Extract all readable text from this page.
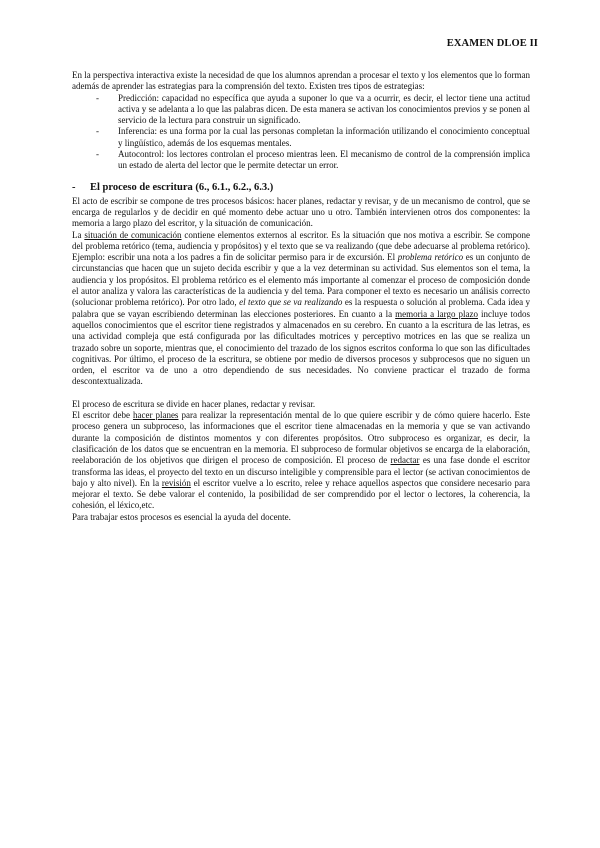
EXAMEN DLOE II

En la perspectiva interactiva existe la necesidad de que los alumnos aprendan a procesar el texto y los elementos que lo forman además de aprender las estrategias para la comprensión del texto. Existen tres tipos de estrategias:

- Predicción: capacidad no específica que ayuda a suponer lo que va a ocurrir, es decir, el lector tiene una actitud activa y se adelanta a lo que las palabras dicen. De esta manera se activan los conocimientos previos y se ponen al servicio de la lectura para construir un significado.
- Inferencia: es una forma por la cual las personas completan la información utilizando el conocimiento conceptual y lingüístico, además de los esquemas mentales.
- Autocontrol: los lectores controlan el proceso mientras leen. El mecanismo de control de la comprensión implica un estado de alerta del lector que le permite detectar un error.
- El proceso de escritura (6., 6.1., 6.2., 6.3.)

El acto de escribir se compone de tres procesos básicos: hacer planes, redactar y revisar, y de un mecanismo de control, que se encarga de regularlos y de decidir en qué momento debe actuar uno u otro. También intervienen otros dos componentes: la memoria a largo plazo del escritor, y la situación de comunicación.

La situación de comunicación contiene elementos externos al escritor. Es la situación que nos motiva a escribir. Se compone del problema retórico (tema, audiencia y propósitos) y el texto que se va realizando (que debe adecuarse al problema retórico). Ejemplo: escribir una nota a los padres a fin de solicitar permiso para ir de excursión. El problema retórico es un conjunto de circunstancias que hacen que un sujeto decida escribir y que a la vez determinan su actividad. Sus elementos son el tema, la audiencia y los propósitos. El problema retórico es el elemento más importante al comenzar el proceso de composición donde el autor analiza y valora las características de la audiencia y del tema. Para componer el texto es necesario un análisis correcto (solucionar problema retórico). Por otro lado, el texto que se va realizando es la respuesta o solución al problema. Cada idea y palabra que se vayan escribiendo determinan las elecciones posteriores. En cuanto a la memoria a largo plazo incluye todos aquellos conocimientos que el escritor tiene registrados y almacenados en su cerebro. En cuanto a la escritura de las letras, es una actividad compleja que está configurada por las dificultades motrices y perceptivo motrices en las que se realiza un trazado sobre un soporte, mientras que, el conocimiento del trazado de los signos escritos conforma lo que son las dificultades cognitivas. Por último, el proceso de la escritura, se obtiene por medio de diversos procesos y subprocesos que no siguen un orden, el escritor va de uno a otro dependiendo de sus necesidades. No conviene practicar el trazado de forma descontextualizada.

El proceso de escritura se divide en hacer planes, redactar y revisar.

El escritor debe hacer planes para realizar la representación mental de lo que quiere escribir y de cómo quiere hacerlo. Este proceso genera un subproceso, las informaciones que el escritor tiene almacenadas en la memoria y que se van activando durante la composición de distintos momentos y con diferentes propósitos. Otro subproceso es organizar, es decir, la clasificación de los datos que se encuentran en la memoria. El subproceso de formular objetivos se encarga de la elaboración, reelaboración de los objetivos que dirigen el proceso de composición. El proceso de redactar es una fase donde el escritor transforma las ideas, el proyecto del texto en un discurso inteligible y comprensible para el lector (se activan conocimientos de bajo y alto nivel). En la revisión el escritor vuelve a lo escrito, relee y rehace aquellos aspectos que considere necesario para mejorar el texto. Se debe valorar el contenido, la posibilidad de ser comprendido por el lector o lectores, la coherencia, la cohesión, el léxico,etc.

Para trabajar estos procesos es esencial la ayuda del docente.
